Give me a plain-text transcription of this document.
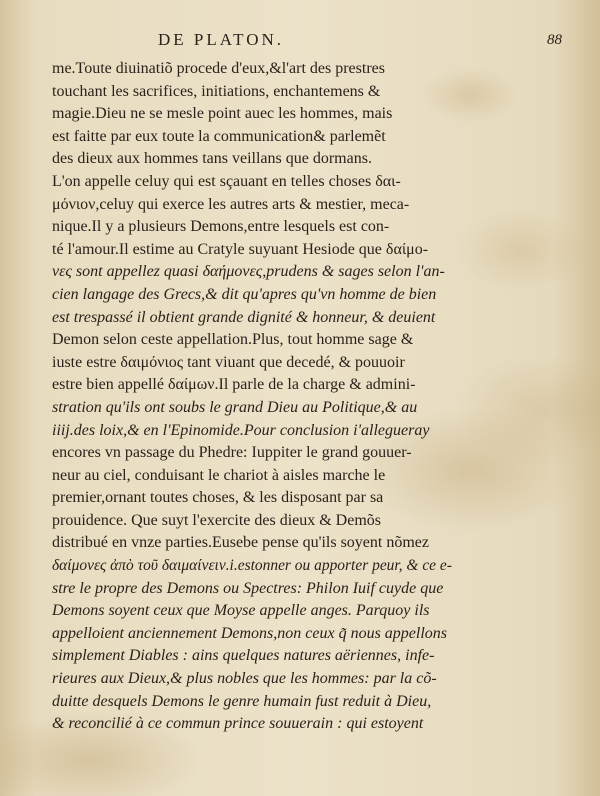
DE PLATON.	88
me.Toute diuinatiõ procede d'eux,&l'art des prestres
touchant les sacrifices, initiations, enchantemens &
magie.Dieu ne se mesle point auec les hommes, mais
est faitte par eux toute la communication& parlemẽt
des dieux aux hommes tans veillans que dormans.
L'on appelle celuy qui est sçauant en telles choses δαι-
μόνιον,celuy qui exerce les autres arts & mestier, meca-
nique.Il y a plusieurs Demons,entre lesquels est con-
té l'amour.Il estime au Cratyle suyuant Hesiode que δαίμο-
νες sont appellez quasi δαήμονες,prudens & sages selon l'an-
cien langage des Grecs,& dit qu'apres qu'vn homme de bien
est trespassé il obtient grande dignité & honneur, & deuient
Demon selon ceste appellation.Plus, tout homme sage &
iuste estre δαιμόνιος tant viuant que decedé, & pouuoir
estre bien appellé δαίμων.Il parle de la charge & admini-
stration qu'ils ont soubs le grand Dieu au Politique,& au
iiij.des loix,& en l'Epinomide.Pour conclusion i'allegueray
encores vn passage du Phedre: Iuppiter le grand gouuer-
neur au ciel, conduisant le chariot à aisles marche le
premier,ornant toutes choses, & les disposant par sa
prouidence. Que suyt l'exercite des dieux & Demõs
distribué en vnze parties.Eusebe pense qu'ils soyent nõmez
δαίμονες ἀπὸ τοῦ δαιμαίνειν.i.estonner ou apporter peur, & ce e-
stre le propre des Demons ou Spectres: Philon Iuif cuyde que
Demons soyent ceux que Moyse appelle anges. Parquoy ils
appelloient anciennement Demons,non ceux q̃ nous appellons
simplement Diables : ains quelques natures aëriennes, infe-
rieures aux Dieux,& plus nobles que les hommes: par la cõ-
duitte desquels Demons le genre humain fust reduit à Dieu,
& reconcilié à ce commun prince souuerain : qui estoyent
